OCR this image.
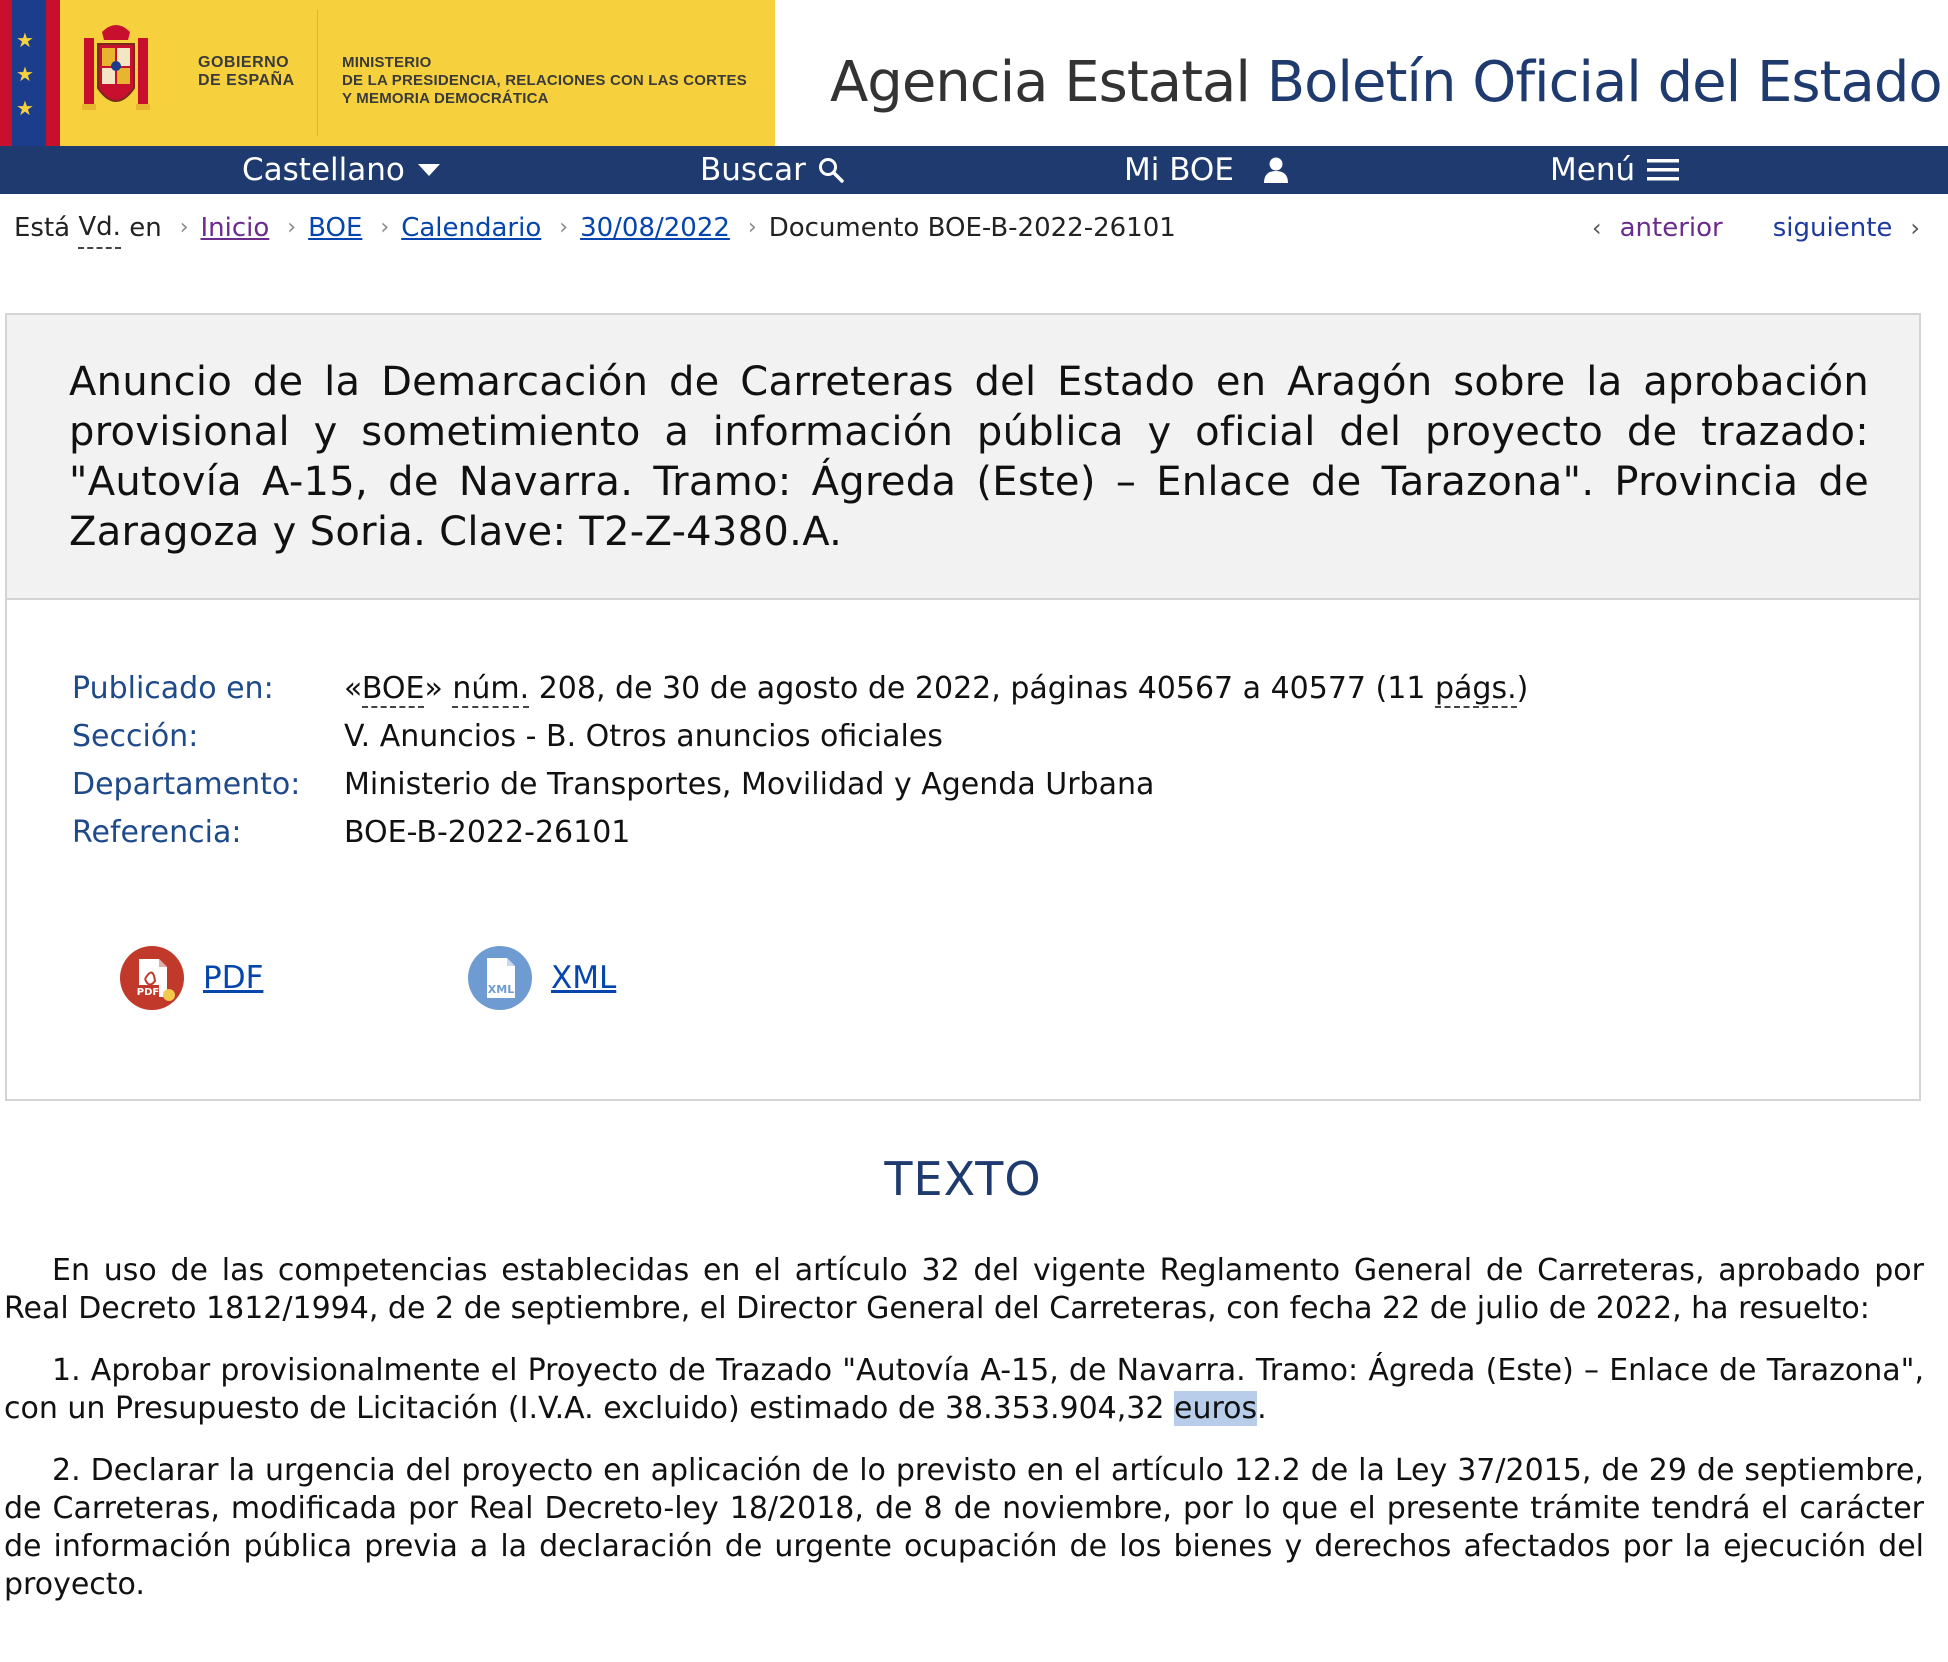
★
★
★
GOBIERNO
DE ESPAÑA
MINISTERIO
DE LA PRESIDENCIA, RELACIONES CON LAS CORTES
Y MEMORIA DEMOCRÁTICA	Agencia Estatal Boletín Oficial del Estado
Castellano	Buscar	Mi BOE	Menú
Está
Vd.
en › Inicio › BOE › Calendario › 30/08/2022 › Documento BOE-B-2022-26101	‹ anterior siguiente ›
Anuncio de la Demarcación de Carreteras del Estado en Aragón sobre la aprobación provisional y sometimiento a información pública y oficial del proyecto de trazado: "Autovía A-15, de Navarra. Tramo: Ágreda (Este) – Enlace de Tarazona". Provincia de Zaragoza y Soria. Clave: T2-Z-4380.A.
Publicado en:	«BOE» núm. 208, de 30 de agosto de 2022, páginas 40567 a 40577 (11 págs.)
Sección:	V. Anuncios - B. Otros anuncios oficiales
Departamento:	Ministerio de Transportes, Movilidad y Agenda Urbana
Referencia:	BOE-B-2022-26101
PDF PDF	XML XML
TEXTO

En uso de las competencias establecidas en el artículo 32 del vigente Reglamento General de Carreteras, aprobado por Real Decreto 1812/1994, de 2 de septiembre, el Director General del Carreteras, con fecha 22 de julio de 2022, ha resuelto:

1. Aprobar provisionalmente el Proyecto de Trazado "Autovía A-15, de Navarra. Tramo: Ágreda (Este) – Enlace de Tarazona", con un Presupuesto de Licitación (I.V.A. excluido) estimado de 38.353.904,32 euros.

2. Declarar la urgencia del proyecto en aplicación de lo previsto en el artículo 12.2 de la Ley 37/2015, de 29 de septiembre, de Carreteras, modificada por Real Decreto-ley 18/2018, de 8 de noviembre, por lo que el presente trámite tendrá el carácter de información pública previa a la declaración de urgente ocupación de los bienes y derechos afectados por la ejecución del proyecto.
